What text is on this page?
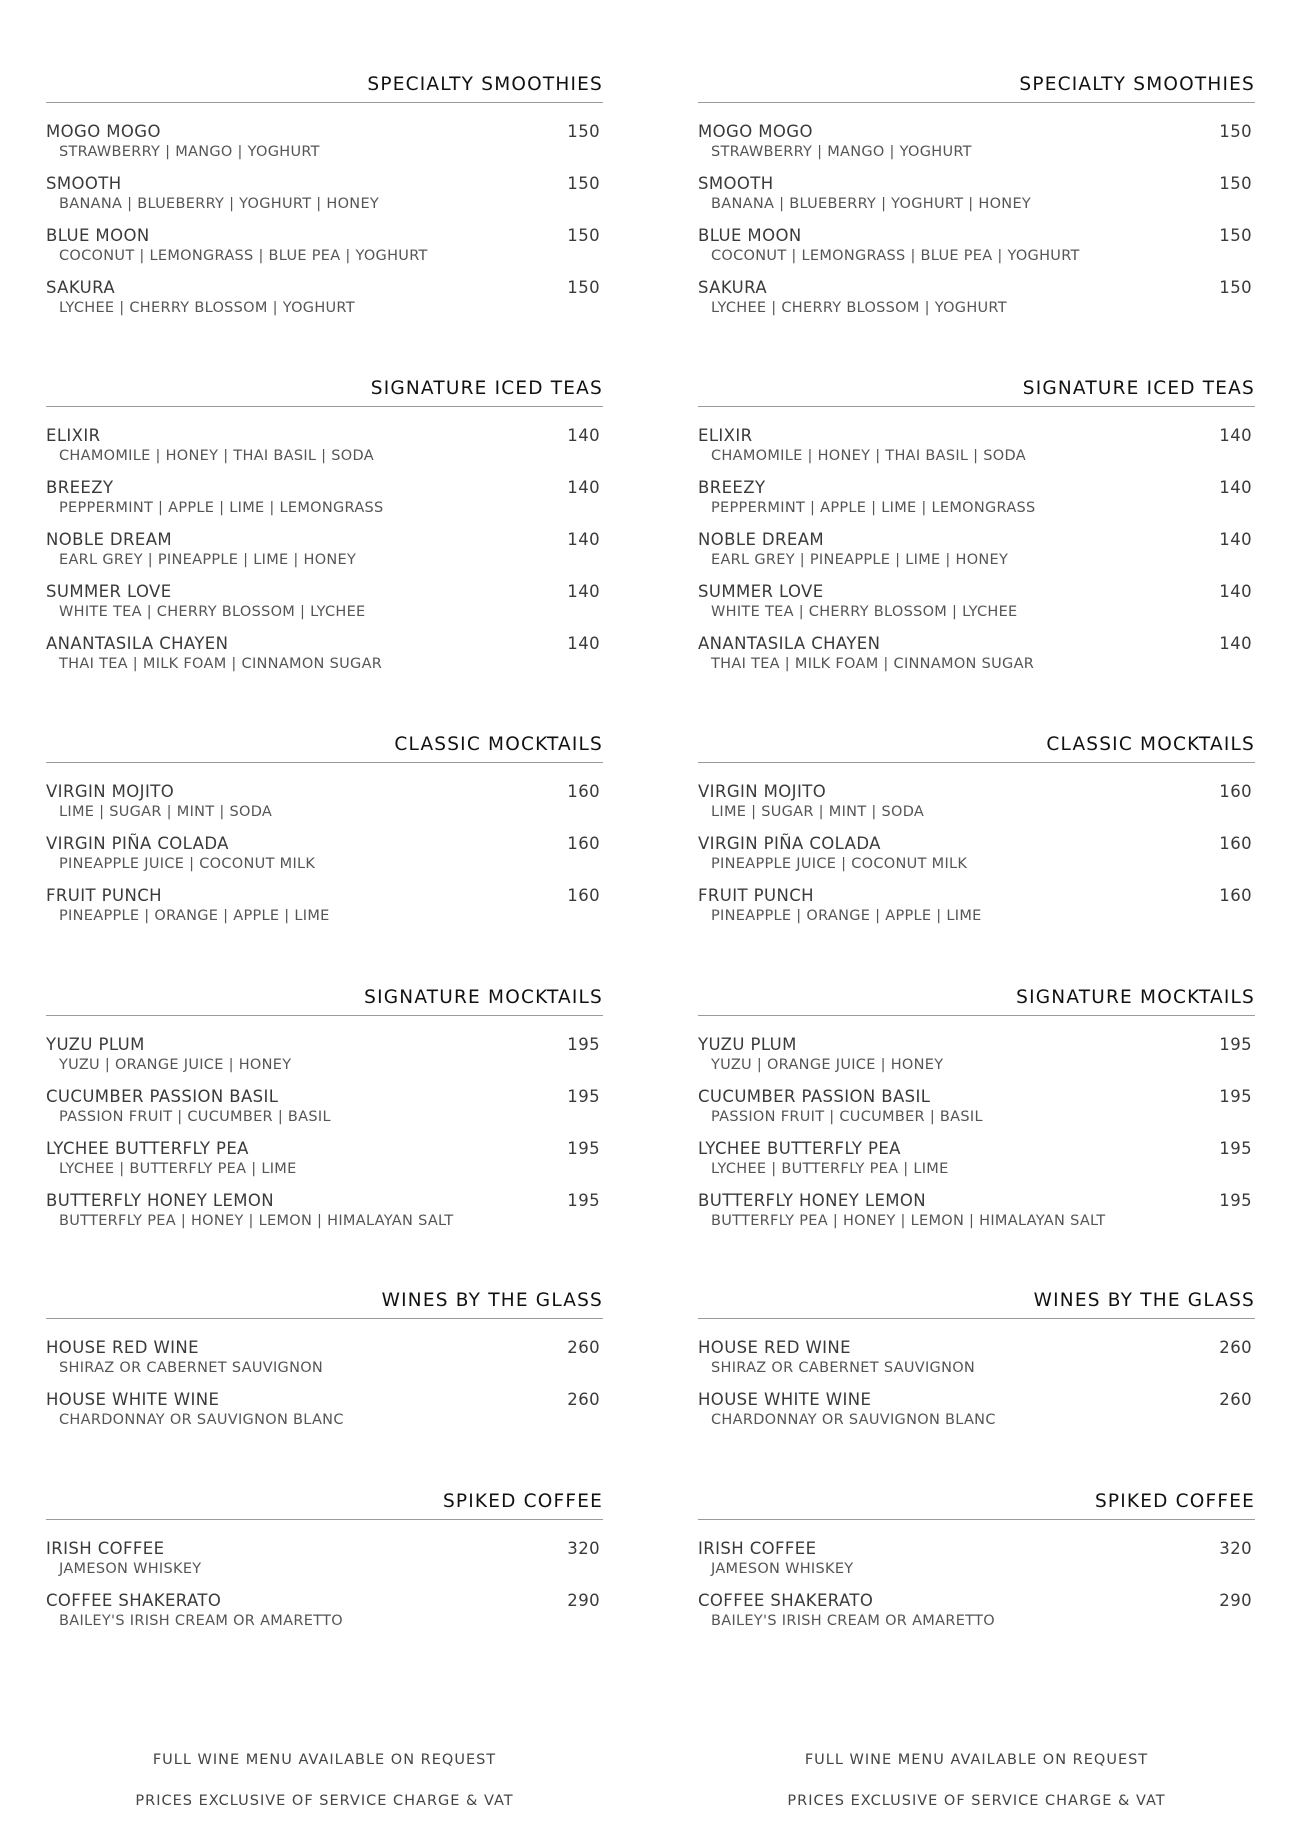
SPECIALTY SMOOTHIES
MOGO MOGO	150
STRAWBERRY | MANGO | YOGHURT
SMOOTH	150
BANANA | BLUEBERRY | YOGHURT | HONEY
BLUE MOON	150
COCONUT | LEMONGRASS | BLUE PEA | YOGHURT
SAKURA	150
LYCHEE | CHERRY BLOSSOM | YOGHURT
SIGNATURE ICED TEAS
ELIXIR	140
CHAMOMILE | HONEY | THAI BASIL | SODA
BREEZY	140
PEPPERMINT | APPLE | LIME | LEMONGRASS
NOBLE DREAM	140
EARL GREY | PINEAPPLE | LIME | HONEY
SUMMER LOVE	140
WHITE TEA | CHERRY BLOSSOM | LYCHEE
ANANTASILA CHAYEN	140
THAI TEA | MILK FOAM | CINNAMON SUGAR
CLASSIC MOCKTAILS
VIRGIN MOJITO	160
LIME | SUGAR | MINT | SODA
VIRGIN PIÑA COLADA	160
PINEAPPLE JUICE | COCONUT MILK
FRUIT PUNCH	160
PINEAPPLE | ORANGE | APPLE | LIME
SIGNATURE MOCKTAILS
YUZU PLUM	195
YUZU | ORANGE JUICE | HONEY
CUCUMBER PASSION BASIL	195
PASSION FRUIT | CUCUMBER | BASIL
LYCHEE BUTTERFLY PEA	195
LYCHEE | BUTTERFLY PEA | LIME
BUTTERFLY HONEY LEMON	195
BUTTERFLY PEA | HONEY | LEMON | HIMALAYAN SALT
WINES BY THE GLASS
HOUSE RED WINE	260
SHIRAZ OR CABERNET SAUVIGNON
HOUSE WHITE WINE	260
CHARDONNAY OR SAUVIGNON BLANC
SPIKED COFFEE
IRISH COFFEE	320
JAMESON WHISKEY
COFFEE SHAKERATO	290
BAILEY'S IRISH CREAM OR AMARETTO
FULL WINE MENU AVAILABLE ON REQUEST
PRICES EXCLUSIVE OF SERVICE CHARGE & VAT
SPECIALTY SMOOTHIES
MOGO MOGO	150
STRAWBERRY | MANGO | YOGHURT
SMOOTH	150
BANANA | BLUEBERRY | YOGHURT | HONEY
BLUE MOON	150
COCONUT | LEMONGRASS | BLUE PEA | YOGHURT
SAKURA	150
LYCHEE | CHERRY BLOSSOM | YOGHURT
SIGNATURE ICED TEAS
ELIXIR	140
CHAMOMILE | HONEY | THAI BASIL | SODA
BREEZY	140
PEPPERMINT | APPLE | LIME | LEMONGRASS
NOBLE DREAM	140
EARL GREY | PINEAPPLE | LIME | HONEY
SUMMER LOVE	140
WHITE TEA | CHERRY BLOSSOM | LYCHEE
ANANTASILA CHAYEN	140
THAI TEA | MILK FOAM | CINNAMON SUGAR
CLASSIC MOCKTAILS
VIRGIN MOJITO	160
LIME | SUGAR | MINT | SODA
VIRGIN PIÑA COLADA	160
PINEAPPLE JUICE | COCONUT MILK
FRUIT PUNCH	160
PINEAPPLE | ORANGE | APPLE | LIME
SIGNATURE MOCKTAILS
YUZU PLUM	195
YUZU | ORANGE JUICE | HONEY
CUCUMBER PASSION BASIL	195
PASSION FRUIT | CUCUMBER | BASIL
LYCHEE BUTTERFLY PEA	195
LYCHEE | BUTTERFLY PEA | LIME
BUTTERFLY HONEY LEMON	195
BUTTERFLY PEA | HONEY | LEMON | HIMALAYAN SALT
WINES BY THE GLASS
HOUSE RED WINE	260
SHIRAZ OR CABERNET SAUVIGNON
HOUSE WHITE WINE	260
CHARDONNAY OR SAUVIGNON BLANC
SPIKED COFFEE
IRISH COFFEE	320
JAMESON WHISKEY
COFFEE SHAKERATO	290
BAILEY'S IRISH CREAM OR AMARETTO
FULL WINE MENU AVAILABLE ON REQUEST
PRICES EXCLUSIVE OF SERVICE CHARGE & VAT
